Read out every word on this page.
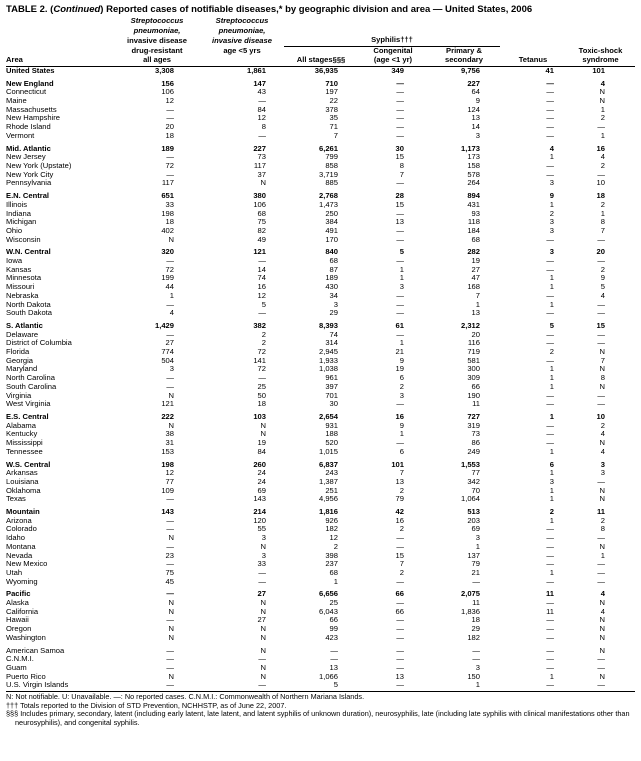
TABLE 2. (Continued) Reported cases of notifiable diseases,* by geographic division and area — United States, 2006
	Streptococcus	Streptococcus					
	pneumoniae,	pneumoniae,					
	invasive disease	invasive disease	Syphilis†††				
	drug-resistant	age <5 yrs	All stages§§§	Congenital	Primary &	Tetanus	Toxic-shock
Area	all ages			(age <1 yr)	secondary		syndrome
United States	3,308	1,861	36,935	349	9,756	41	101

New England	156	147	710	—	227	—	4
Connecticut	106	43	197	—	64	—	N
Maine	12	—	22	—	9	—	N
Massachusetts	—	84	378	—	124	—	1
New Hampshire	—	12	35	—	13	—	2
Rhode Island	20	8	71	—	14	—	—
Vermont	18	—	7	—	3	—	1

Mid. Atlantic	189	227	6,261	30	1,173	4	16
New Jersey	—	73	799	15	173	1	4
New York (Upstate)	72	117	858	8	158	—	2
New York City	—	37	3,719	7	578	—	—
Pennsylvania	117	N	885	—	264	3	10

E.N. Central	651	380	2,768	28	894	9	18
Illinois	33	106	1,473	15	431	1	2
Indiana	198	68	250	—	93	2	1
Michigan	18	75	384	13	118	3	8
Ohio	402	82	491	—	184	3	7
Wisconsin	N	49	170	—	68	—	—

W.N. Central	320	121	840	5	282	3	20
Iowa	—	—	68	—	19	—	—
Kansas	72	14	87	1	27	—	2
Minnesota	199	74	189	1	47	1	9
Missouri	44	16	430	3	168	1	5
Nebraska	1	12	34	—	7	—	4
North Dakota	—	5	3	—	1	1	—
South Dakota	4	—	29	—	13	—	—

S. Atlantic	1,429	382	8,393	61	2,312	5	15
Delaware	—	2	74	—	20	—	—
District of Columbia	27	2	314	1	116	—	—
Florida	774	72	2,945	21	719	2	N
Georgia	504	141	1,933	9	581	—	7
Maryland	3	72	1,038	19	300	1	N
North Carolina	—	—	961	6	309	1	8
South Carolina	—	25	397	2	66	1	N
Virginia	N	50	701	3	190	—	—
West Virginia	121	18	30	—	11	—	—

E.S. Central	222	103	2,654	16	727	1	10
Alabama	N	N	931	9	319	—	2
Kentucky	38	N	188	1	73	—	4
Mississippi	31	19	520	—	86	—	N
Tennessee	153	84	1,015	6	249	1	4

W.S. Central	198	260	6,837	101	1,553	6	3
Arkansas	12	24	243	7	77	1	3
Louisiana	77	24	1,387	13	342	3	—
Oklahoma	109	69	251	2	70	1	N
Texas	—	143	4,956	79	1,064	1	N

Mountain	143	214	1,816	42	513	2	11
Arizona	—	120	926	16	203	1	2
Colorado	—	55	182	2	69	—	8
Idaho	N	3	12	—	3	—	—
Montana	—	N	2	—	1	—	N
Nevada	23	3	398	15	137	—	1
New Mexico	—	33	237	7	79	—	—
Utah	75	—	68	2	21	1	—
Wyoming	45	—	1	—	—	—	—

Pacific	—	27	6,656	66	2,075	11	4
Alaska	N	N	25	—	11	—	N
California	N	N	6,043	66	1,836	11	4
Hawaii	—	27	66	—	18	—	N
Oregon	N	N	99	—	29	—	N
Washington	N	N	423	—	182	—	N

American Samoa	—	N	—	—	—	—	N
C.N.M.I.	—	—	—	—	—	—	—
Guam	—	N	13	—	3	—	—
Puerto Rico	N	N	1,066	13	150	1	N
U.S. Virgin Islands	—	—	5	—	1	—	—
N: Not notifiable. U: Unavailable. —: No reported cases. C.N.M.I.: Commonwealth of Northern Mariana Islands.
††† Totals reported to the Division of STD Prevention, NCHHSTP, as of June 22, 2007.
§§§ Includes primary, secondary, latent (including early latent, late latent, and latent syphilis of unknown duration), neurosyphilis, late (including late syphilis with clinical manifestations other than neurosyphilis), and congenital syphilis.
